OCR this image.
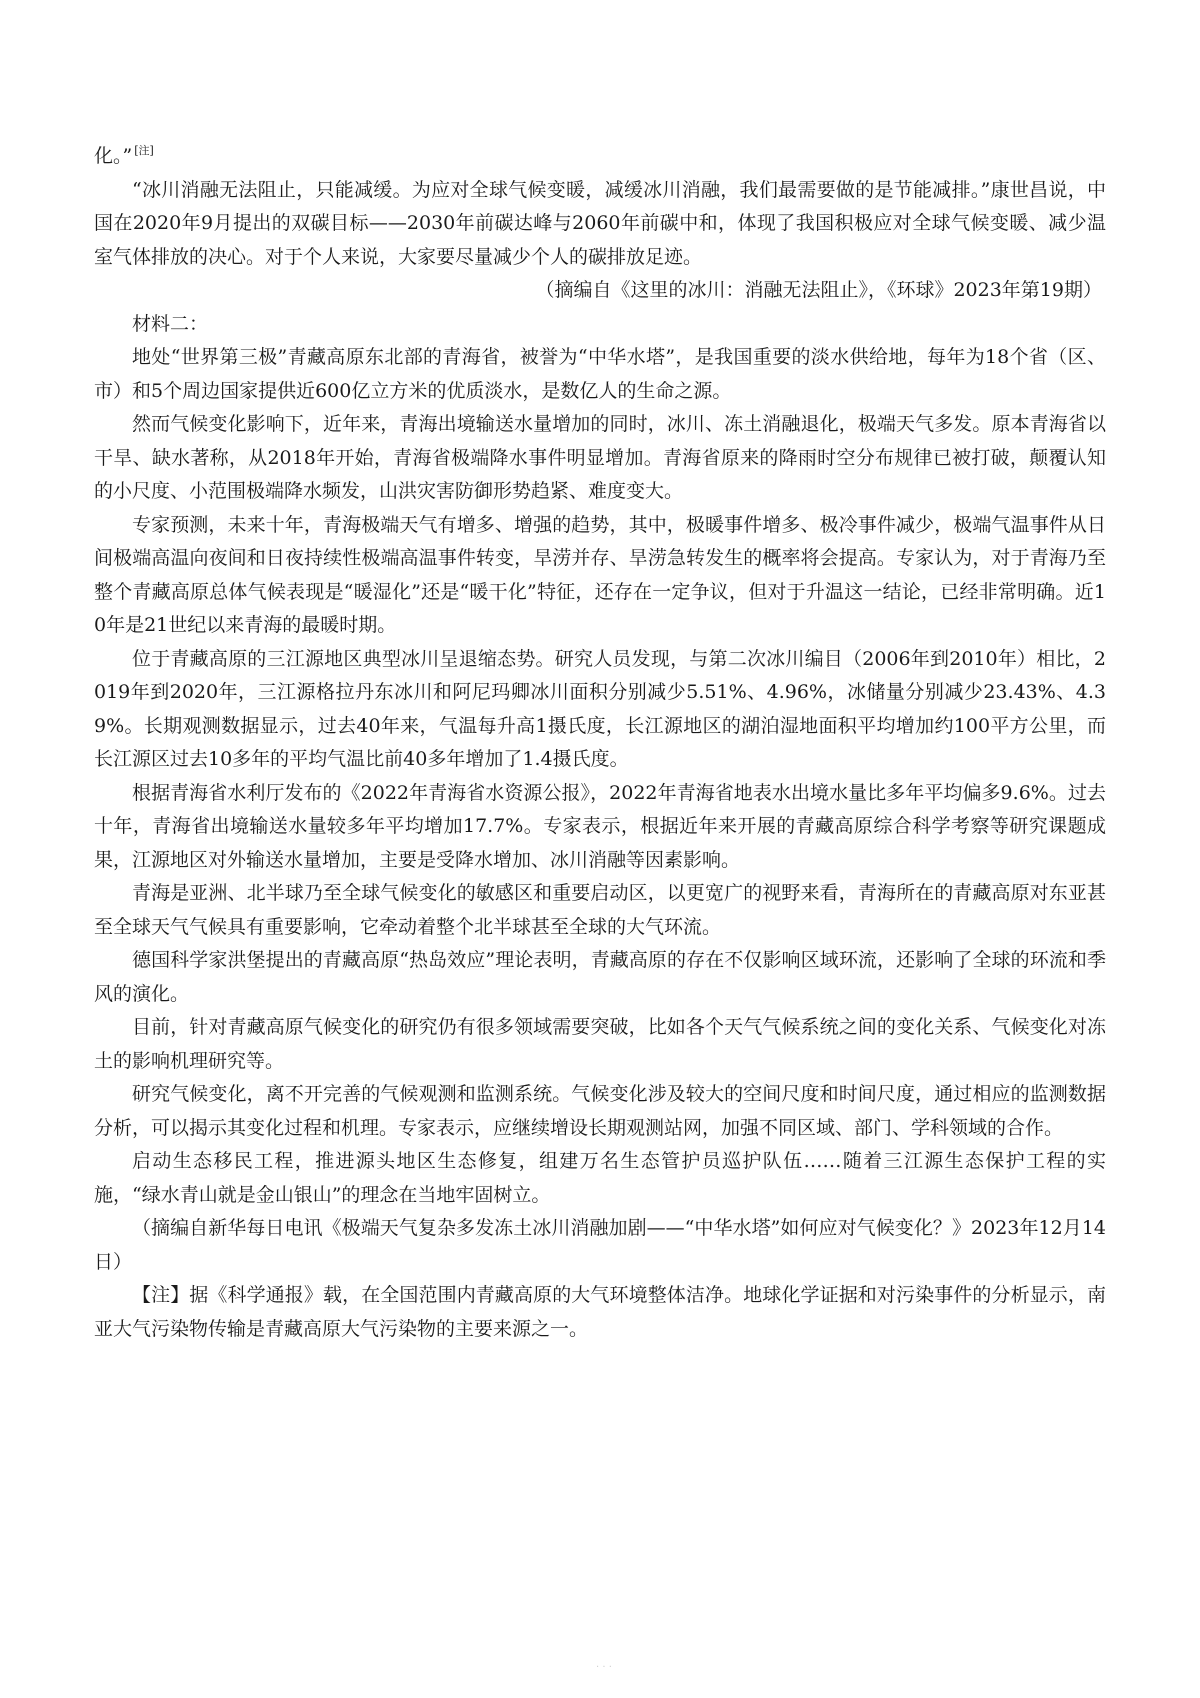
化。” [注]

“冰川消融无法阻止，只能减缓。为应对全球气候变暖，减缓冰川消融，我们最需要做的是节能减排。”康世昌说，中国在2020年9月提出的双碳目标——2030年前碳达峰与2060年前碳中和，体现了我国积极应对全球气候变暖、减少温室气体排放的决心。对于个人来说，大家要尽量减少个人的碳排放足迹。

（摘编自《这里的冰川：消融无法阻止》，《环球》2023年第19期）

材料二：

地处“世界第三极”青藏高原东北部的青海省，被誉为“中华水塔”，是我国重要的淡水供给地，每年为18个省（区、市）和5个周边国家提供近600亿立方米的优质淡水，是数亿人的生命之源。

然而气候变化影响下，近年来，青海出境输送水量增加的同时，冰川、冻土消融退化，极端天气多发。原本青海省以干旱、缺水著称，从2018年开始，青海省极端降水事件明显增加。青海省原来的降雨时空分布规律已被打破，颠覆认知的小尺度、小范围极端降水频发，山洪灾害防御形势趋紧、难度变大。

专家预测，未来十年，青海极端天气有增多、增强的趋势，其中，极暖事件增多、极冷事件减少，极端气温事件从日间极端高温向夜间和日夜持续性极端高温事件转变，旱涝并存、旱涝急转发生的概率将会提高。专家认为，对于青海乃至整个青藏高原总体气候表现是“暖湿化”还是“暖干化”特征，还存在一定争议，但对于升温这一结论，已经非常明确。近10年是21世纪以来青海的最暖时期。

位于青藏高原的三江源地区典型冰川呈退缩态势。研究人员发现，与第二次冰川编目（2006年到2010年）相比，2019年到2020年，三江源格拉丹东冰川和阿尼玛卿冰川面积分别减少5.51%、4.96%，冰储量分别减少23.43%、4.39%。长期观测数据显示，过去40年来，气温每升高1摄氏度，长江源地区的湖泊湿地面积平均增加约100平方公里，而长江源区过去10多年的平均气温比前40多年增加了1.4摄氏度。

根据青海省水利厅发布的《2022年青海省水资源公报》，2022年青海省地表水出境水量比多年平均偏多9.6%。过去十年，青海省出境输送水量较多年平均增加17.7%。专家表示，根据近年来开展的青藏高原综合科学考察等研究课题成果，江源地区对外输送水量增加，主要是受降水增加、冰川消融等因素影响。

青海是亚洲、北半球乃至全球气候变化的敏感区和重要启动区，以更宽广的视野来看，青海所在的青藏高原对东亚甚至全球天气气候具有重要影响，它牵动着整个北半球甚至全球的大气环流。

德国科学家洪堡提出的青藏高原“热岛效应”理论表明，青藏高原的存在不仅影响区域环流，还影响了全球的环流和季风的演化。

目前，针对青藏高原气候变化的研究仍有很多领域需要突破，比如各个天气气候系统之间的变化关系、气候变化对冻土的影响机理研究等。

研究气候变化，离不开完善的气候观测和监测系统。气候变化涉及较大的空间尺度和时间尺度，通过相应的监测数据分析，可以揭示其变化过程和机理。专家表示，应继续增设长期观测站网，加强不同区域、部门、学科领域的合作。

启动生态移民工程，推进源头地区生态修复，组建万名生态管护员巡护队伍……随着三江源生态保护工程的实施，“绿水青山就是金山银山”的理念在当地牢固树立。

（摘编自新华每日电讯《极端天气复杂多发冻土冰川消融加剧——“中华水塔”如何应对气候变化？》2023年12月14日）

【注】据《科学通报》载，在全国范围内青藏高原的大气环境整体洁净。地球化学证据和对污染事件的分析显示，南亚大气污染物传输是青藏高原大气污染物的主要来源之一。

· · ·
